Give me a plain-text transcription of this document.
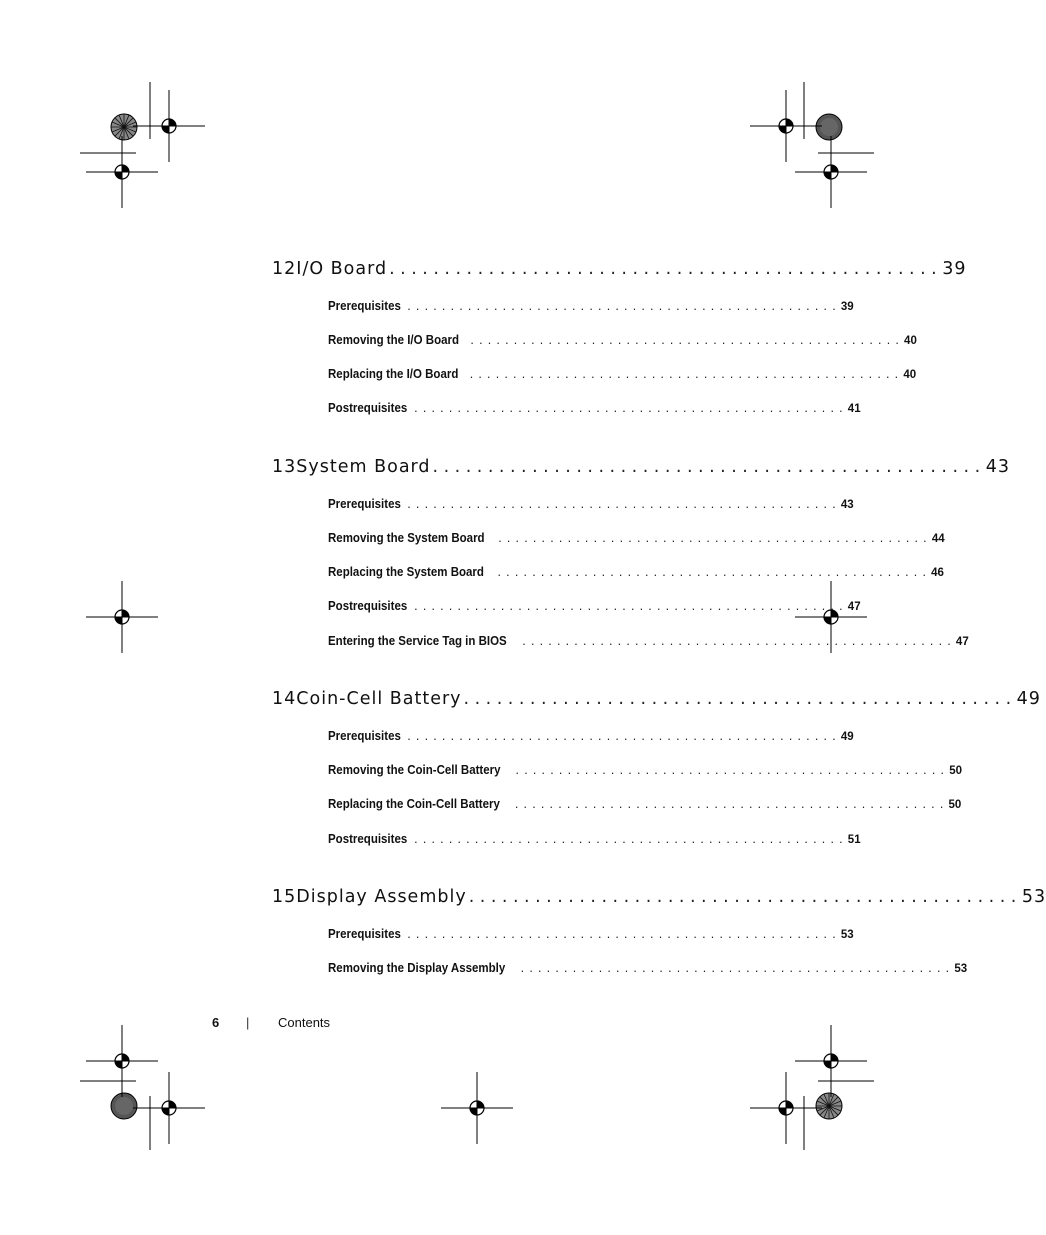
12 I/O Board .................................................. 39
Prerequisites .................................................. 39
Removing the I/O Board .................................................. 40
Replacing the I/O Board .................................................. 40
Postrequisites .................................................. 41
13 System Board .................................................. 43
Prerequisites .................................................. 43
Removing the System Board .................................................. 44
Replacing the System Board .................................................. 46
Postrequisites .................................................. 47
Entering the Service Tag in BIOS .................................................. 47
14 Coin-Cell Battery .................................................. 49
Prerequisites .................................................. 49
Removing the Coin-Cell Battery .................................................. 50
Replacing the Coin-Cell Battery .................................................. 50
Postrequisites .................................................. 51
15 Display Assembly .................................................. 53
Prerequisites .................................................. 53
Removing the Display Assembly .................................................. 53
6 | Contents
